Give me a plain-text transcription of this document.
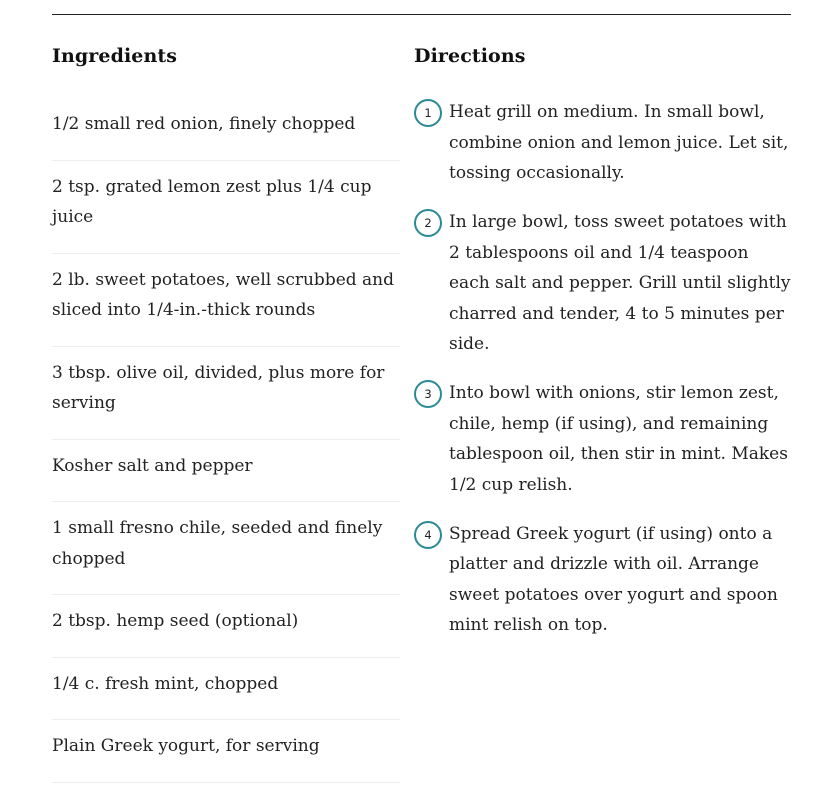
Ingredients
1/2 small red onion, finely chopped
2 tsp. grated lemon zest plus 1/4 cup juice
2 lb. sweet potatoes, well scrubbed and sliced into 1/4-in.-thick rounds
3 tbsp. olive oil, divided, plus more for serving
Kosher salt and pepper
1 small fresno chile, seeded and finely chopped
2 tbsp. hemp seed (optional)
1/4 c. fresh mint, chopped
Plain Greek yogurt, for serving
Directions
1	Heat grill on medium. In small bowl, combine onion and lemon juice. Let sit, tossing occasionally.
2	In large bowl, toss sweet potatoes with 2 tablespoons oil and 1/4 teaspoon each salt and pepper. Grill until slightly charred and tender, 4 to 5 minutes per side.
3	Into bowl with onions, stir lemon zest, chile, hemp (if using), and remaining tablespoon oil, then stir in mint. Makes 1/2 cup relish.
4	Spread Greek yogurt (if using) onto a platter and drizzle with oil. Arrange sweet potatoes over yogurt and spoon mint relish on top.
